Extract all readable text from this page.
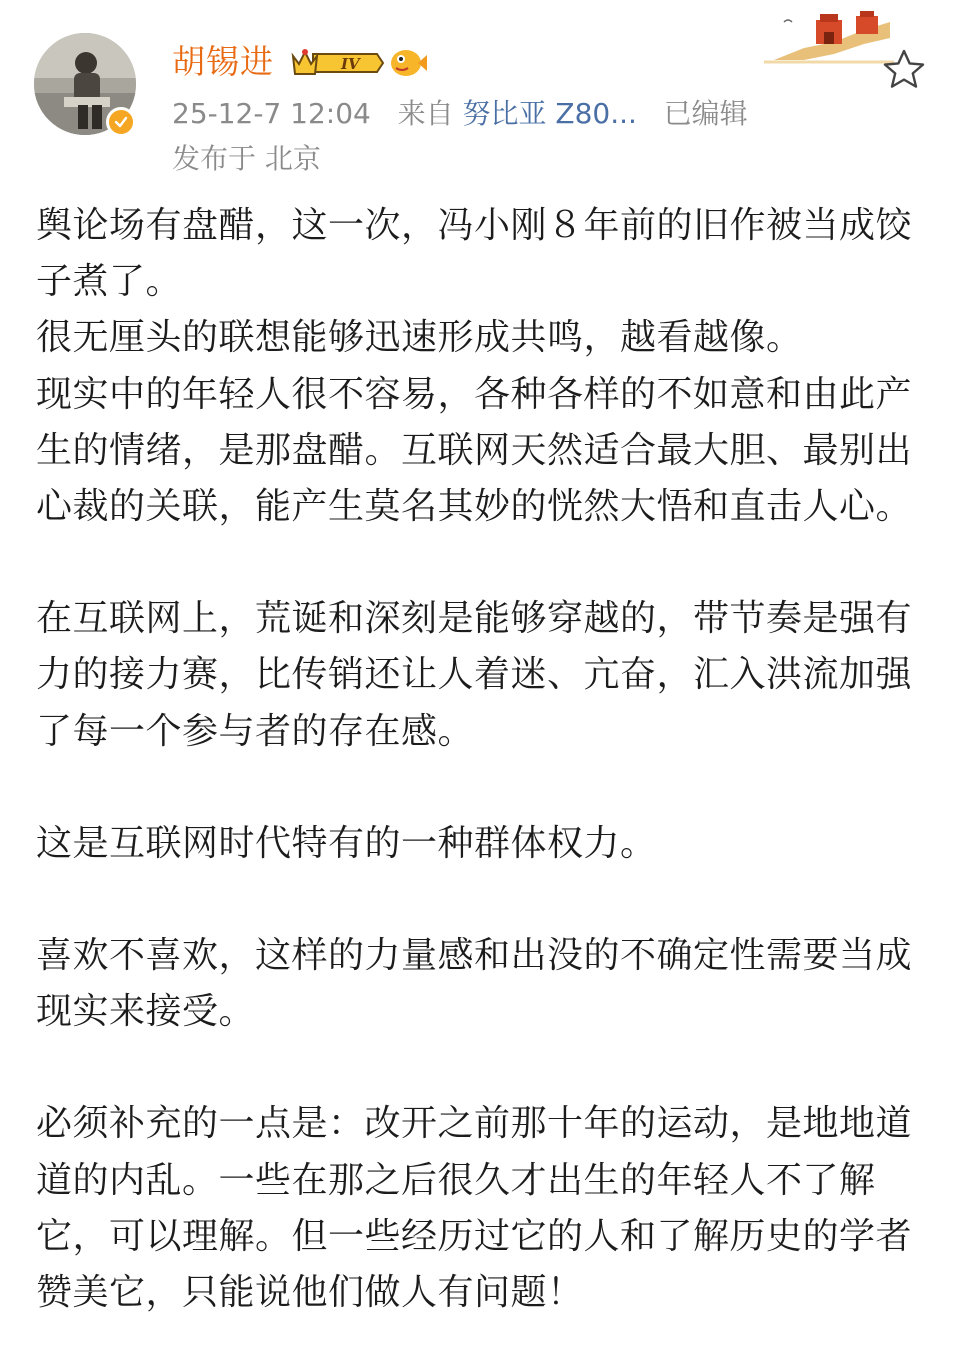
胡锡进	IV
25-12-7 12:04 来自 努比亚 Z80... 已编辑
发布于 北京

舆论场有盘醋，这一次，冯小刚８年前的旧作被当成饺子煮了。
很无厘头的联想能够迅速形成共鸣，越看越像。
现实中的年轻人很不容易，各种各样的不如意和由此产生的情绪，是那盘醋。互联网天然适合最大胆、最别出心裁的关联，能产生莫名其妙的恍然大悟和直击人心。

在互联网上，荒诞和深刻是能够穿越的，带节奏是强有力的接力赛，比传销还让人着迷、亢奋，汇入洪流加强了每一个参与者的存在感。

这是互联网时代特有的一种群体权力。

喜欢不喜欢，这样的力量感和出没的不确定性需要当成现实来接受。

必须补充的一点是：改开之前那十年的运动，是地地道道的内乱。一些在那之后很久才出生的年轻人不了解它，可以理解。但一些经历过它的人和了解历史的学者赞美它，只能说他们做人有问题！
